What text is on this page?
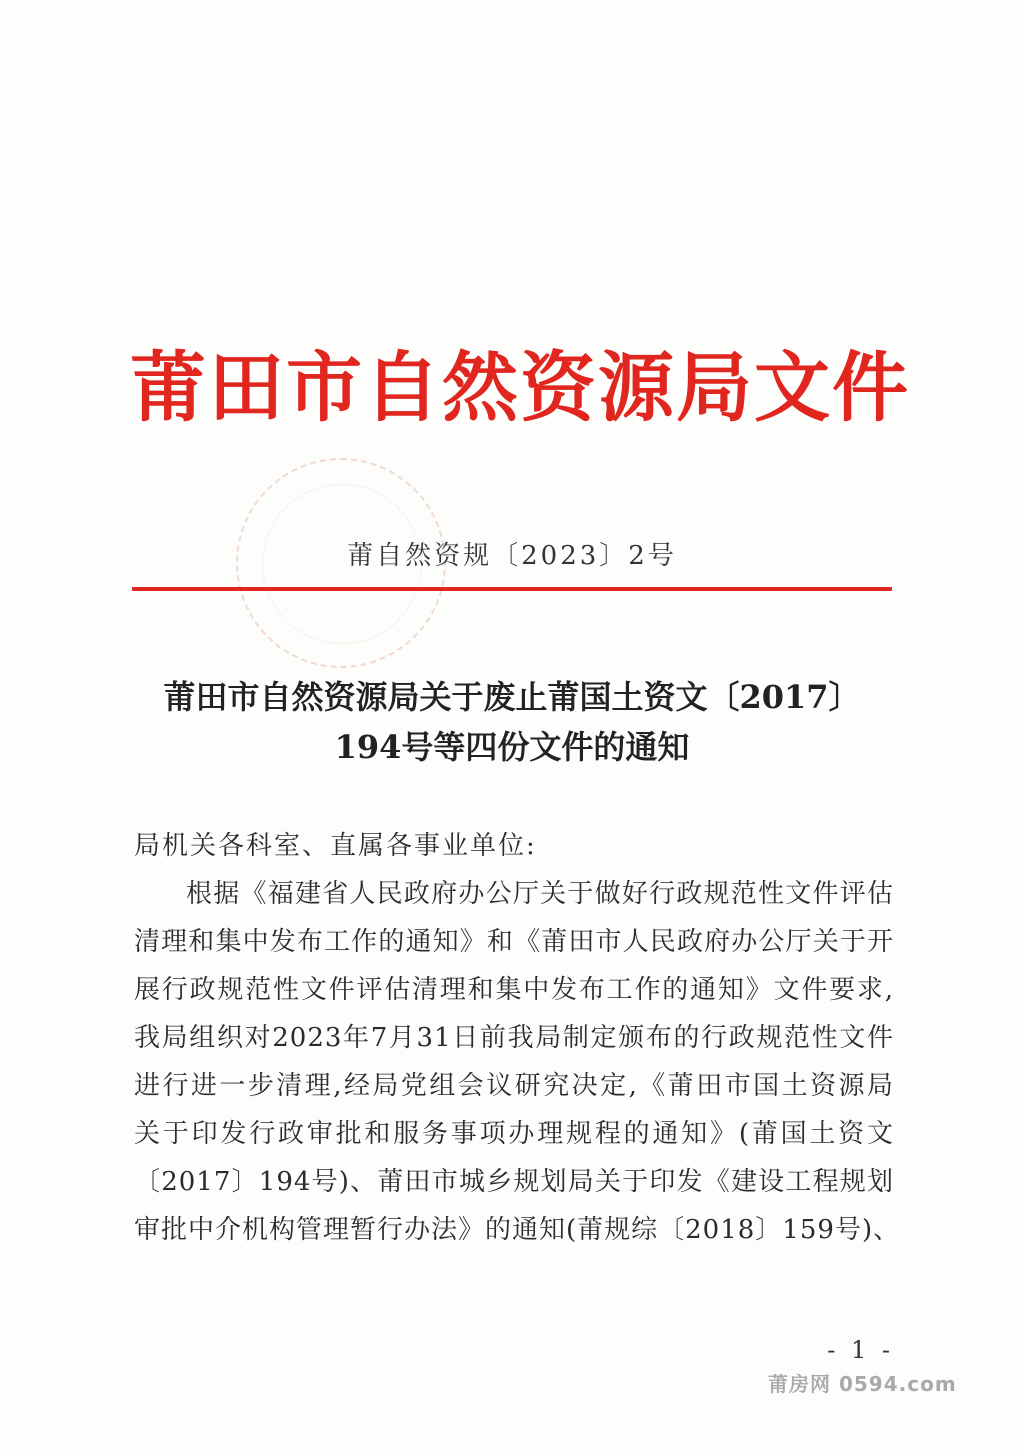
莆田市自然资源局文件
莆自然资规〔2023〕2号
莆田市自然资源局关于废止莆国土资文〔2017〕
194号等四份文件的通知
局机关各科室、直属各事业单位:
根据《福建省人民政府办公厅关于做好行政规范性文件评估
清理和集中发布工作的通知》和《莆田市人民政府办公厅关于开
展行政规范性文件评估清理和集中发布工作的通知》文件要求,
我局组织对2023年7月31日前我局制定颁布的行政规范性文件
进行进一步清理,经局党组会议研究决定,《莆田市国土资源局
关于印发行政审批和服务事项办理规程的通知》(莆国土资文
〔2017〕194号)、莆田市城乡规划局关于印发《建设工程规划
审批中介机构管理暂行办法》的通知(莆规综〔2018〕159号)、
- 1 -
莆房网 0594.com
